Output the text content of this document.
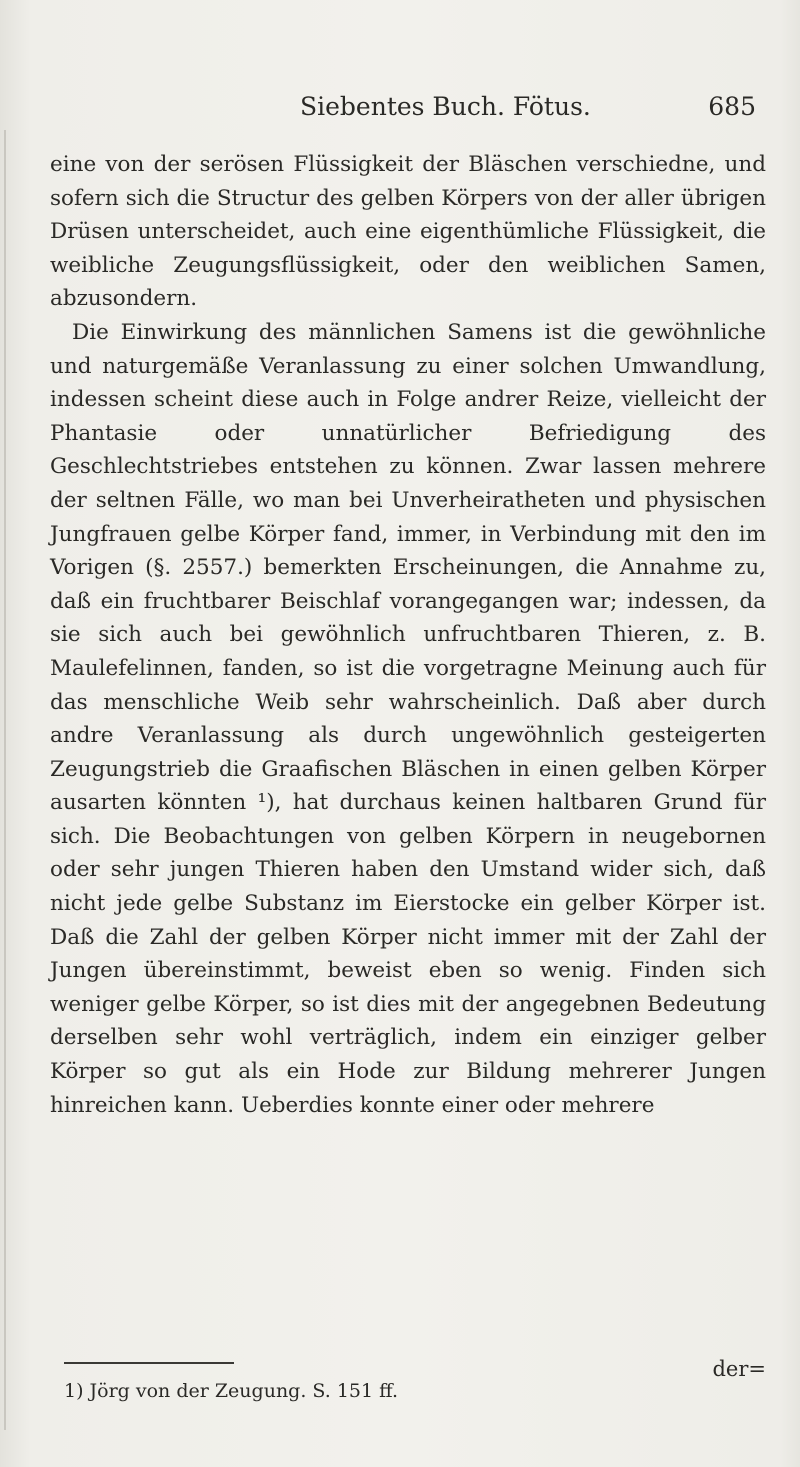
Siebentes Buch. Fötus.	685

eine von der serösen Flüssigkeit der Bläschen verschiedne, und sofern sich die Structur des gelben Körpers von der aller übrigen Drüsen unterscheidet, auch eine eigenthümliche Flüssigkeit, die weibliche Zeugungsflüssigkeit, oder den weiblichen Samen, abzusondern.

Die Einwirkung des männlichen Samens ist die gewöhnliche und naturgemäße Veranlassung zu einer solchen Umwandlung, indessen scheint diese auch in Folge andrer Reize, vielleicht der Phantasie oder unnatürlicher Befriedigung des Geschlechtstriebes entstehen zu können. Zwar lassen mehrere der seltnen Fälle, wo man bei Unverheiratheten und physischen Jungfrauen gelbe Körper fand, immer, in Verbindung mit den im Vorigen (§. 2557.) bemerkten Erscheinungen, die Annahme zu, daß ein fruchtbarer Beischlaf vorangegangen war; indessen, da sie sich auch bei gewöhnlich unfruchtbaren Thieren, z. B. Maulefelinnen, fanden, so ist die vorgetragne Meinung auch für das menschliche Weib sehr wahrscheinlich. Daß aber durch andre Veranlassung als durch ungewöhnlich gesteigerten Zeugungstrieb die Graafischen Bläschen in einen gelben Körper ausarten könnten ¹), hat durchaus keinen haltbaren Grund für sich. Die Beobachtungen von gelben Körpern in neugebornen oder sehr jungen Thieren haben den Umstand wider sich, daß nicht jede gelbe Substanz im Eierstocke ein gelber Körper ist. Daß die Zahl der gelben Körper nicht immer mit der Zahl der Jungen übereinstimmt, beweist eben so wenig. Finden sich weniger gelbe Körper, so ist dies mit der angegebnen Bedeutung derselben sehr wohl verträglich, indem ein einziger gelber Körper so gut als ein Hode zur Bildung mehrerer Jungen hinreichen kann. Ueberdies konnte einer oder mehrere

der=
1) Jörg von der Zeugung. S. 151 ff.
